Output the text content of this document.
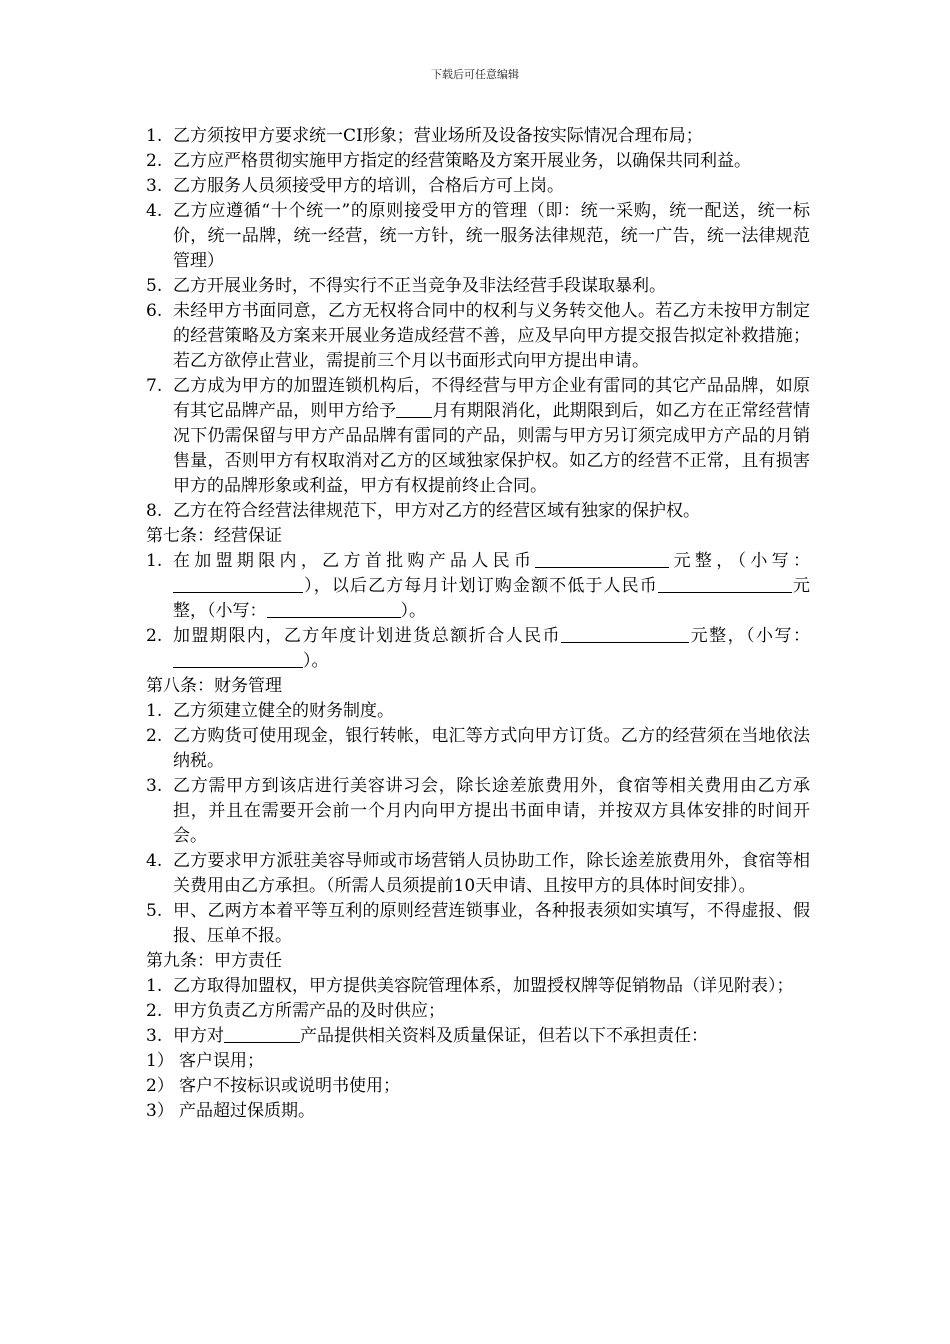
下载后可任意编辑
1. 乙方须按甲方要求统一CI形象；营业场所及设备按实际情况合理布局；
2. 乙方应严格贯彻实施甲方指定的经营策略及方案开展业务，以确保共同利益。
3. 乙方服务人员须接受甲方的培训，合格后方可上岗。
4. 乙方应遵循“十个统一”的原则接受甲方的管理（即：统一采购，统一配送，统一标价，统一品牌，统一经营，统一方针，统一服务法律规范，统一广告，统一法律规范管理）
5. 乙方开展业务时，不得实行不正当竞争及非法经营手段谋取暴利。
6. 未经甲方书面同意，乙方无权将合同中的权利与义务转交他人。若乙方未按甲方制定的经营策略及方案来开展业务造成经营不善，应及早向甲方提交报告拟定补救措施；若乙方欲停止营业，需提前三个月以书面形式向甲方提出申请。
7. 乙方成为甲方的加盟连锁机构后，不得经营与甲方企业有雷同的其它产品品牌，如原有其它品牌产品，则甲方给予 月有期限消化，此期限到后，如乙方在正常经营情况下仍需保留与甲方产品品牌有雷同的产品，则需与甲方另订须完成甲方产品的月销售量，否则甲方有权取消对乙方的区域独家保护权。如乙方的经营不正常，且有损害甲方的品牌形象或利益，甲方有权提前终止合同。
8. 乙方在符合经营法律规范下，甲方对乙方的经营区域有独家的保护权。
第七条：经营保证
1. 在加盟期限内，乙方首批购产品人民币	元整，（小写：），以后乙方每月计划订购金额不低于人民币	元整，（小写：	）。
2. 加盟期限内，乙方年度计划进货总额折合人民币	元整，（小写：）。
第八条：财务管理
1. 乙方须建立健全的财务制度。
2. 乙方购货可使用现金，银行转帐，电汇等方式向甲方订货。乙方的经营须在当地依法纳税。
3. 乙方需甲方到该店进行美容讲习会，除长途差旅费用外，食宿等相关费用由乙方承担，并且在需要开会前一个月内向甲方提出书面申请，并按双方具体安排的时间开会。
4. 乙方要求甲方派驻美容导师或市场营销人员协助工作，除长途差旅费用外，食宿等相关费用由乙方承担。（所需人员须提前10天申请、且按甲方的具体时间安排）。
5. 甲、乙两方本着平等互利的原则经营连锁事业，各种报表须如实填写，不得虚报、假报、压单不报。
第九条：甲方责任
1. 乙方取得加盟权，甲方提供美容院管理体系，加盟授权牌等促销物品（详见附表）；
2. 甲方负责乙方所需产品的及时供应；
3. 甲方对	产品提供相关资料及质量保证，但若以下不承担责任：
1） 客户误用；
2） 客户不按标识或说明书使用；
3） 产品超过保质期。
